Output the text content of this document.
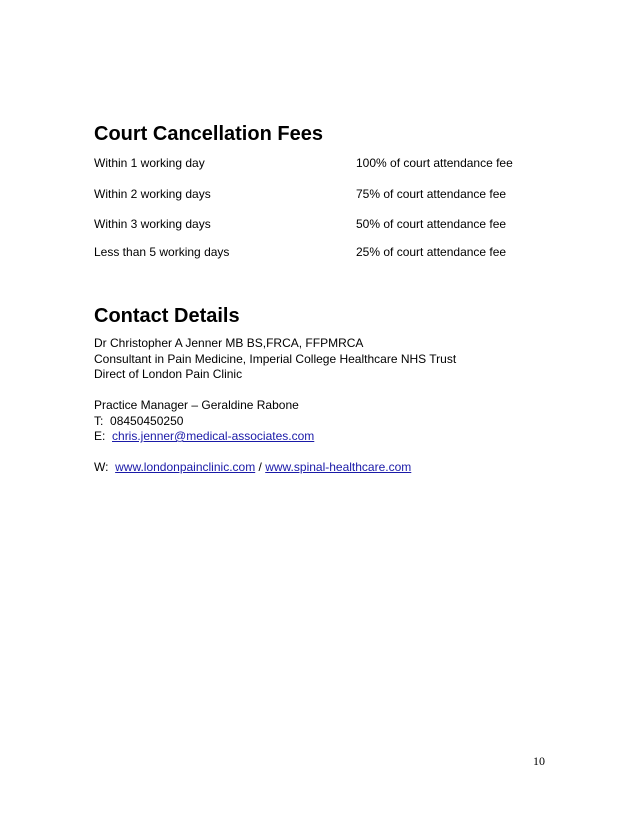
Court Cancellation Fees
Within 1 working day	100% of court attendance fee
Within 2 working days	75% of court attendance fee
Within 3 working days	50% of court attendance fee
Less than 5 working days	25% of court attendance fee
Contact Details
Dr Christopher A Jenner MB BS,FRCA, FFPMRCA
Consultant in Pain Medicine, Imperial College Healthcare NHS Trust
Direct of London Pain Clinic
Practice Manager – Geraldine Rabone
T:  08450450250
E:  chris.jenner@medical-associates.com
W:  www.londonpainclinic.com / www.spinal-healthcare.com
10
